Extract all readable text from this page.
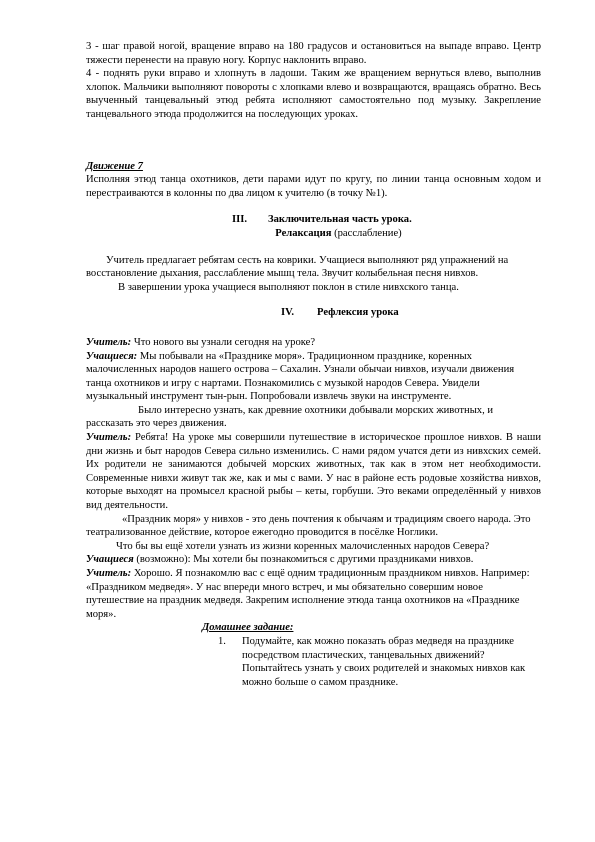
3 - шаг правой ногой, вращение вправо на 180 градусов и остановиться на выпаде вправо. Центр тяжести перенести на правую ногу. Корпус наклонить вправо.

4 - поднять руки вправо и хлопнуть в ладоши. Таким же вращением вернуться влево, выполнив хлопок. Мальчики выполняют повороты с хлопками влево и возвращаются, вращаясь обратно. Весь выученный танцевальный этюд ребята исполняют самостоятельно под музыку. Закрепление танцевального этюда продолжится на последующих уроках.

Движение 7

Исполняя этюд танца охотников, дети парами идут по кругу, по линии танца основным ходом и перестраиваются в колонны по два лицом к учителю (в точку №1).

III. Заключительная часть урока.

Релаксация (расслабление)

Учитель предлагает ребятам сесть на коврики. Учащиеся выполняют ряд упражнений на восстановление дыхания, расслабление мышц тела. Звучит колыбельная песня нивхов.

В завершении урока учащиеся выполняют поклон в стиле нивхского танца.

IV. Рефлексия урока

Учитель: Что нового вы узнали сегодня на уроке?

Учащиеся: Мы побывали на «Празднике моря». Традиционном празднике, коренных малочисленных народов нашего острова – Сахалин. Узнали обычаи нивхов, изучали движения танца охотников и игру с нартами. Познакомились с музыкой народов Севера. Увидели музыкальный инструмент тын-рын. Попробовали извлечь звуки на инструменте.

Было интересно узнать, как древние охотники добывали морских животных, и рассказать это через движения.

Учитель: Ребята! На уроке мы совершили путешествие в историческое прошлое нивхов. В наши дни жизнь и быт народов Севера сильно изменились. С нами рядом учатся дети из нивхских семей. Их родители не занимаются добычей морских животных, так как в этом нет необходимости. Современные нивхи живут так же, как и мы с вами. У нас в районе есть родовые хозяйства нивхов, которые выходят на промысел красной рыбы – кеты, горбуши. Это веками определённый у нивхов вид деятельности.

«Праздник моря» у нивхов - это день почтения к обычаям и традициям своего народа. Это театрализованное действие, которое ежегодно проводится в посёлке Ноглики.

Что бы вы ещё хотели узнать из жизни коренных малочисленных народов Севера?

Учащиеся (возможно): Мы хотели бы познакомиться с другими праздниками нивхов.

Учитель: Хорошо. Я познакомлю вас с ещё одним традиционным праздником нивхов. Например: «Праздником медведя». У нас впереди много встреч, и мы обязательно совершим новое путешествие на праздник медведя. Закрепим исполнение этюда танца охотников на «Празднике моря».

Домашнее задание:

1.	Подумайте, как можно показать образ медведя на празднике посредством пластических, танцевальных движений? Попытайтесь узнать у своих родителей и знакомых нивхов как можно больше о самом празднике.
